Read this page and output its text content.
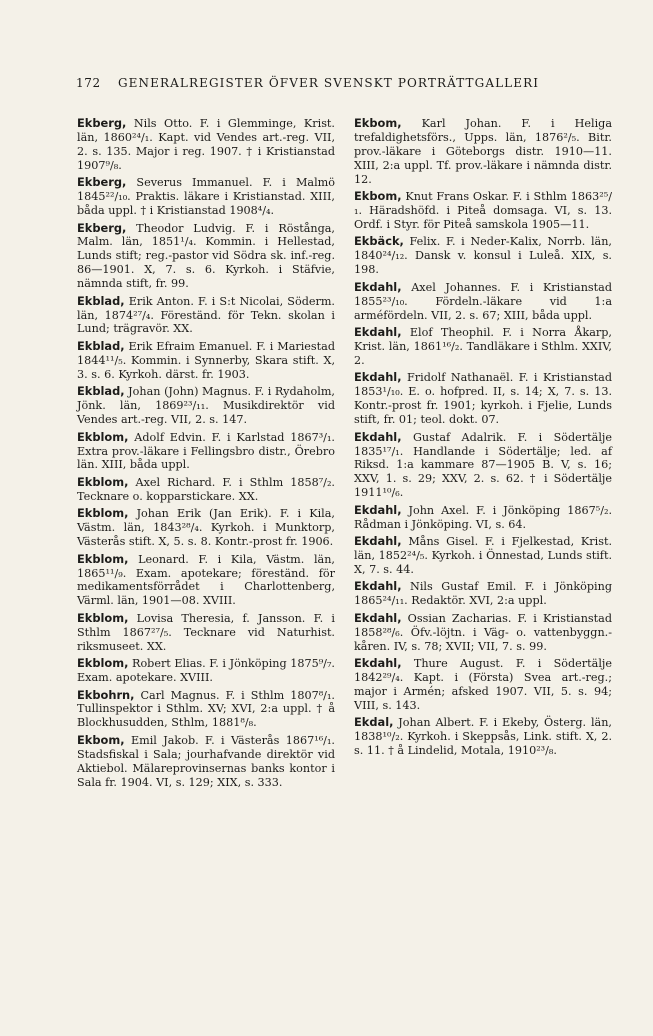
172	GENERALREGISTER ÖFVER SVENSKT PORTRÄTTGALLERI

Ekberg, Nils Otto. F. i Glemminge, Krist. län, 1860²⁴/₁. Kapt. vid Vendes art.-reg. VII, 2. s. 135. Major i reg. 1907. † i Kristianstad 1907⁹/₈.

Ekberg, Severus Immanuel. F. i Malmö 1845²²/₁₀. Praktis. läkare i Kristianstad. XIII, båda uppl. † i Kristianstad 1908⁴/₄.

Ekberg, Theodor Ludvig. F. i Röstånga, Malm. län, 1851¹/₄. Kommin. i Hellestad, Lunds stift; reg.-pastor vid Södra sk. inf.-reg. 86—1901. X, 7. s. 6. Kyrkoh. i Stäfvie, nämnda stift, fr. 99.

Ekblad, Erik Anton. F. i S:t Nicolai, Söderm. län, 1874²⁷/₄. Föreständ. för Tekn. skolan i Lund; trägravör. XX.

Ekblad, Erik Efraim Emanuel. F. i Mariestad 1844¹¹/₅. Kommin. i Synnerby, Skara stift. X, 3. s. 6. Kyrkoh. därst. fr. 1903.

Ekblad, Johan (John) Magnus. F. i Rydaholm, Jönk. län, 1869²³/₁₁. Musikdirektör vid Vendes art.-reg. VII, 2. s. 147.

Ekblom, Adolf Edvin. F. i Karlstad 1867³/₁. Extra prov.-läkare i Fellingsbro distr., Örebro län. XIII, båda uppl.

Ekblom, Axel Richard. F. i Sthlm 1858⁷/₂. Tecknare o. kopparstickare. XX.

Ekblom, Johan Erik (Jan Erik). F. i Kila, Västm. län, 1843²⁸/₄. Kyrkoh. i Munktorp, Västerås stift. X, 5. s. 8. Kontr.-prost fr. 1906.

Ekblom, Leonard. F. i Kila, Västm. län, 1865¹¹/₉. Exam. apotekare; föreständ. för medikamentsförrådet i Charlottenberg, Värml. län, 1901—08. XVIII.

Ekblom, Lovisa Theresia, f. Jansson. F. i Sthlm 1867²⁷/₅. Tecknare vid Naturhist. riksmuseet. XX.

Ekblom, Robert Elias. F. i Jönköping 1875⁹/₇. Exam. apotekare. XVIII.

Ekbohrn, Carl Magnus. F. i Sthlm 1807⁸/₁. Tullinspektor i Sthlm. XV; XVI, 2:a uppl. † å Blockhusudden, Sthlm, 1881⁸/₈.

Ekbom, Emil Jakob. F. i Västerås 1867¹⁶/₁. Stadsfiskal i Sala; jourhafvande direktör vid Aktiebol. Mälareprovinsernas banks kontor i Sala fr. 1904. VI, s. 129; XIX, s. 333.

Ekbom, Karl Johan. F. i Heliga trefaldighetsförs., Upps. län, 1876²/₅. Bitr. prov.-läkare i Göteborgs distr. 1910—11. XIII, 2:a uppl. Tf. prov.-läkare i nämnda distr. 12.

Ekbom, Knut Frans Oskar. F. i Sthlm 1863²⁵/₁. Häradshöfd. i Piteå domsaga. VI, s. 13. Ordf. i Styr. för Piteå samskola 1905—11.

Ekbäck, Felix. F. i Neder-Kalix, Norrb. län, 1840²⁴/₁₂. Dansk v. konsul i Luleå. XIX, s. 198.

Ekdahl, Axel Johannes. F. i Kristianstad 1855²³/₁₀. Fördeln.-läkare vid 1:a arméfördeln. VII, 2. s. 67; XIII, båda uppl.

Ekdahl, Elof Theophil. F. i Norra Åkarp, Krist. län, 1861¹⁶/₂. Tandläkare i Sthlm. XXIV, 2.

Ekdahl, Fridolf Nathanaël. F. i Kristianstad 1853¹/₁₀. E. o. hofpred. II, s. 14; X, 7. s. 13. Kontr.-prost fr. 1901; kyrkoh. i Fjelie, Lunds stift, fr. 01; teol. dokt. 07.

Ekdahl, Gustaf Adalrik. F. i Södertälje 1835¹⁷/₁. Handlande i Södertälje; led. af Riksd. 1:a kammare 87—1905 B. V, s. 16; XXV, 1. s. 29; XXV, 2. s. 62. † i Södertälje 1911¹⁰/₆.

Ekdahl, John Axel. F. i Jönköping 1867⁵/₂. Rådman i Jönköping. VI, s. 64.

Ekdahl, Måns Gisel. F. i Fjelkestad, Krist. län, 1852²⁴/₅. Kyrkoh. i Önnestad, Lunds stift. X, 7. s. 44.

Ekdahl, Nils Gustaf Emil. F. i Jönköping 1865²⁴/₁₁. Redaktör. XVI, 2:a uppl.

Ekdahl, Ossian Zacharias. F. i Kristianstad 1858²⁸/₆. Öfv.-löjtn. i Väg- o. vattenbyggn.-kåren. IV, s. 78; XVII; VII, 7. s. 99.

Ekdahl, Thure August. F. i Södertälje 1842²⁹/₄. Kapt. i (Första) Svea art.-reg.; major i Armén; afsked 1907. VII, 5. s. 94; VIII, s. 143.

Ekdal, Johan Albert. F. i Ekeby, Österg. län, 1838¹⁰/₂. Kyrkoh. i Skeppsås, Link. stift. X, 2. s. 11. † å Lindelid, Motala, 1910²³/₈.
